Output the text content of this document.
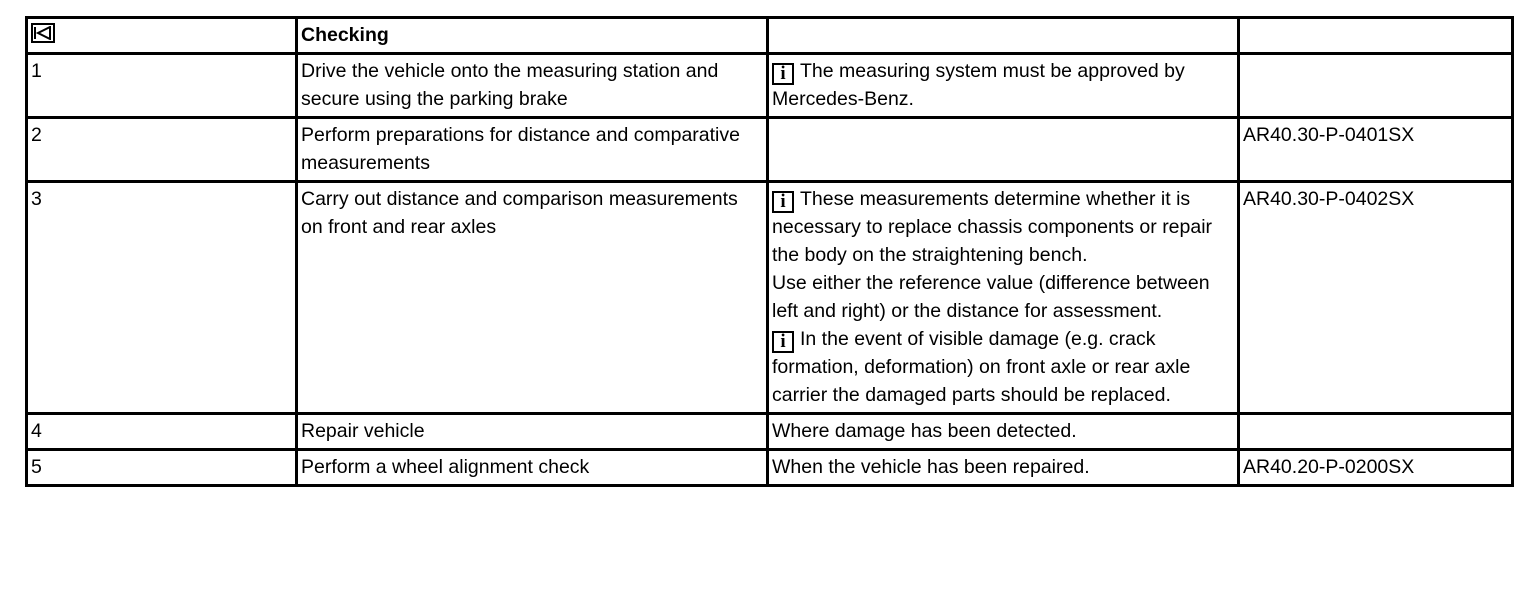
	Checking		
1	Drive the vehicle onto the measuring station and secure using the parking brake	i The measuring system must be approved by Mercedes-Benz.	
2	Perform preparations for distance and comparative measurements		AR40.30-P-0401SX
3	Carry out distance and comparison measurements on front and rear axles	i These measurements determine whether it is necessary to replace chassis components or repair the body on the straightening bench.
Use either the reference value (difference between left and right) or the distance for assessment.
i In the event of visible damage (e.g. crack formation, deformation) on front axle or rear axle carrier the damaged parts should be replaced.	AR40.30-P-0402SX
4	Repair vehicle	Where damage has been detected.	
5	Perform a wheel alignment check	When the vehicle has been repaired.	AR40.20-P-0200SX
